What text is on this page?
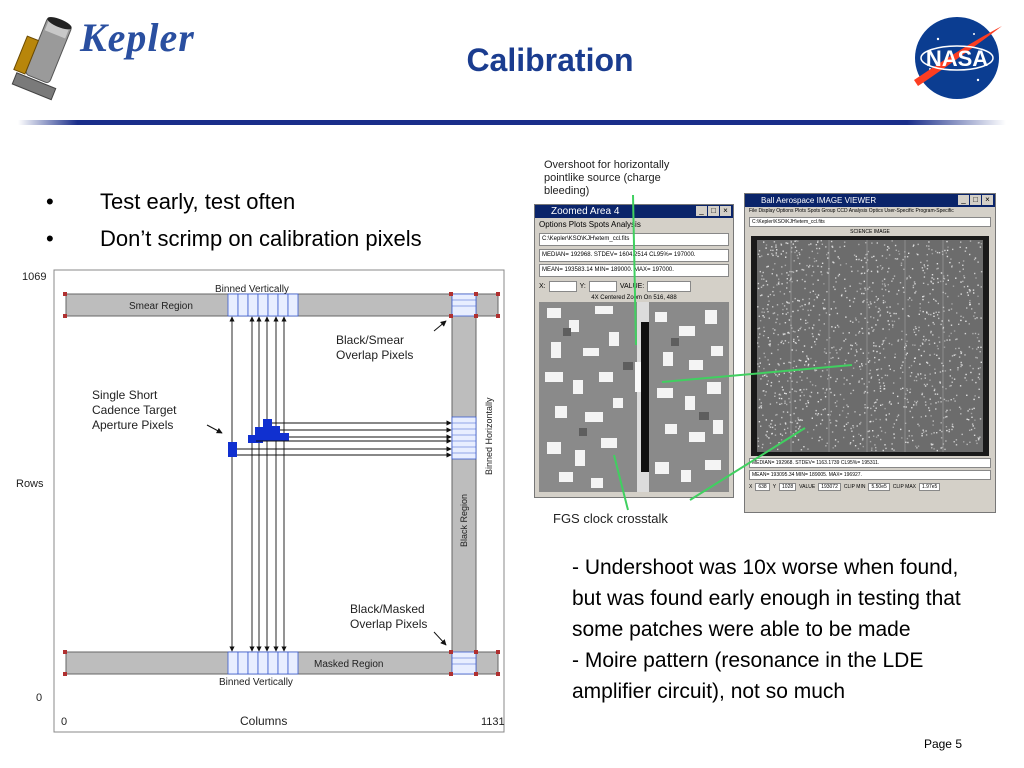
Kepler	Calibration	NASA
•	Test early, test often
•	Don’t scrimp on calibration pixels
1069
0
Rows
0	1131
Columns
Smear Region
Masked Region
Black Region
Binned Horizontally
Binned Vertically
Binned Vertically
Black/Smear
Overlap Pixels
Single Short
Cadence Target
Aperture Pixels
Black/Masked
Overlap Pixels
Overshoot for horizontally
pointlike source (charge
bleeding)
FGS clock crosstalk
Zoomed Area 4	_ □ ×
Options Plots Spots Analysis
C:\Kepler\KSO\KJH\etem_ccl.fits
MEDIAN= 192968. STDEV= 1604.2514 CL95%= 197000.
MEAN= 193583.14 MIN= 189000. MAX= 197000.
X:	Y:	VALUE:
4X Centered Zoom On 516, 488
Ball Aerospace IMAGE VIEWER	_ □ ×
File Display Options Plots Spots Group CCD Analysis Optics User-Specific Program-Specific
C:\Kepler\KSO\KJH\etem_ccl.fits
SCIENCE IMAGE
MEDIAN= 192968. STDEV= 1163.1739 CL95%= 195311.
MEAN= 193095.34 MIN= 189005. MAX= 196927.
X	638	Y	1028	VALUE	193072	CLIP MIN	5.50e5	CLIP MAX	1.97e5
- Undershoot was 10x worse when found, but was found early enough in testing that some patches were able to be made
- Moire pattern (resonance in the LDE amplifier circuit), not so much
Page 5
